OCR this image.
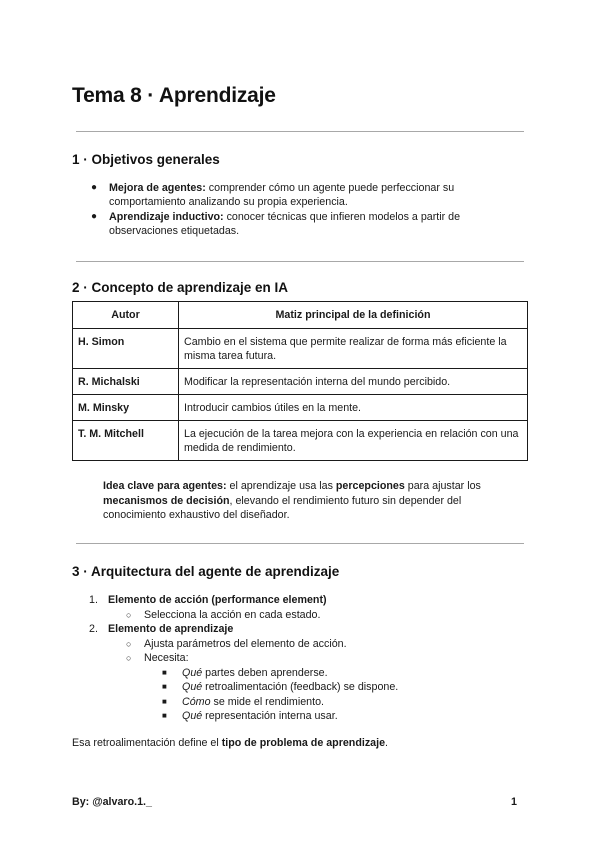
Tema 8 · Aprendizaje
1 · Objetivos generales
● Mejora de agentes: comprender cómo un agente puede perfeccionar su comportamiento analizando su propia experiencia.
● Aprendizaje inductivo: conocer técnicas que infieren modelos a partir de observaciones etiquetadas.
2 · Concepto de aprendizaje en IA
Autor	Matiz principal de la definición
H. Simon	Cambio en el sistema que permite realizar de forma más eficiente la misma tarea futura.
R. Michalski	Modificar la representación interna del mundo percibido.
M. Minsky	Introducir cambios útiles en la mente.
T. M. Mitchell	La ejecución de la tarea mejora con la experiencia en relación con una medida de rendimiento.

Idea clave para agentes: el aprendizaje usa las percepciones para ajustar los mecanismos de decisión, elevando el rendimiento futuro sin depender del conocimiento exhaustivo del diseñador.

3 · Arquitectura del agente de aprendizaje
1. Elemento de acción (performance element)
○ Selecciona la acción en cada estado.
2. Elemento de aprendizaje
○ Ajusta parámetros del elemento de acción.
○ Necesita:
■ Qué partes deben aprenderse.
■ Qué retroalimentación (feedback) se dispone.
■ Cómo se mide el rendimiento.
■ Qué representación interna usar.

Esa retroalimentación define el tipo de problema de aprendizaje.

By: @alvaro.1._	1
